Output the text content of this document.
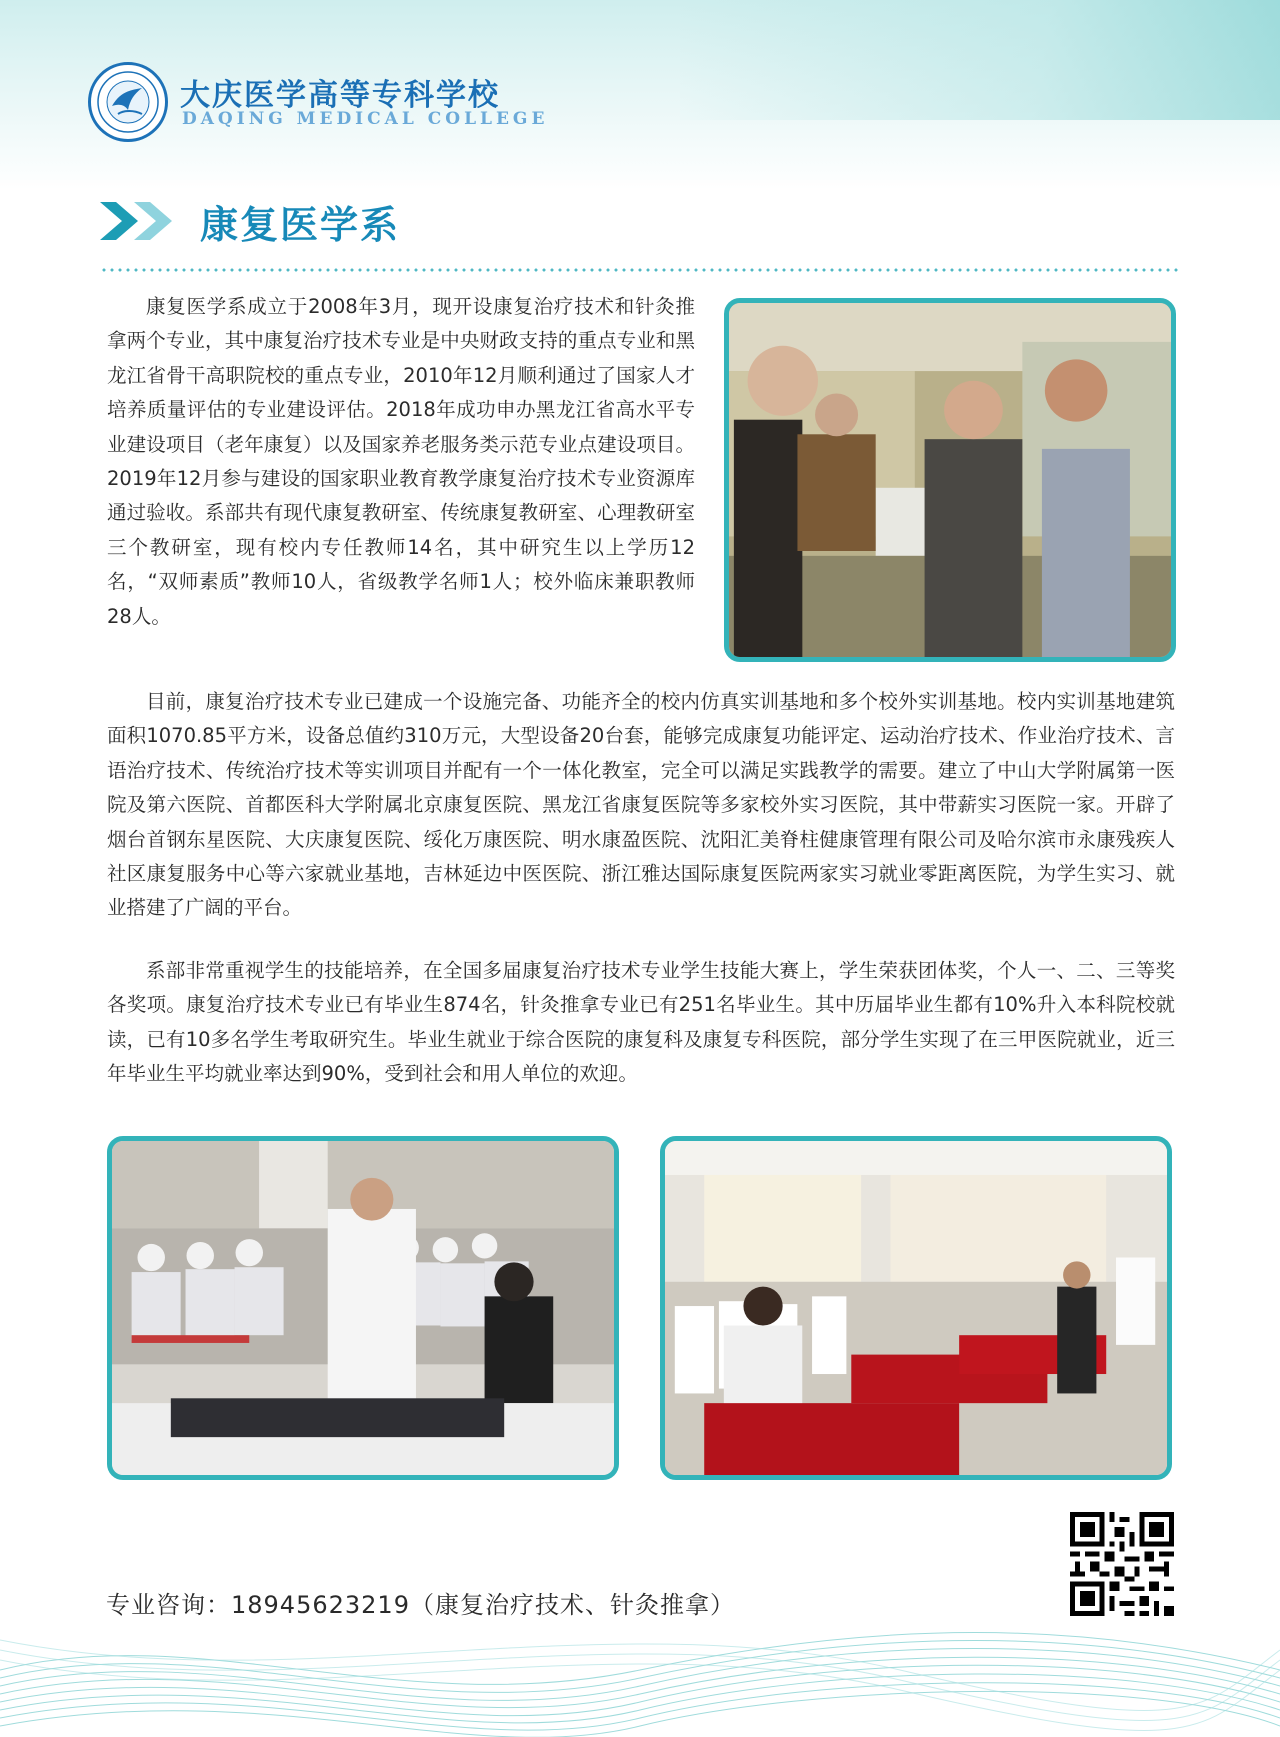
大庆医学高等专科学校
DAQING MEDICAL COLLEGE
康复医学系

康复医学系成立于2008年3月，现开设康复治疗技术和针灸推拿两个专业，其中康复治疗技术专业是中央财政支持的重点专业和黑龙江省骨干高职院校的重点专业，2010年12月顺利通过了国家人才培养质量评估的专业建设评估。2018年成功申办黑龙江省高水平专业建设项目（老年康复）以及国家养老服务类示范专业点建设项目。2019年12月参与建设的国家职业教育教学康复治疗技术专业资源库通过验收。系部共有现代康复教研室、传统康复教研室、心理教研室三个教研室，现有校内专任教师14名，其中研究生以上学历12名，“双师素质”教师10人，省级教学名师1人；校外临床兼职教师28人。

目前，康复治疗技术专业已建成一个设施完备、功能齐全的校内仿真实训基地和多个校外实训基地。校内实训基地建筑面积1070.85平方米，设备总值约310万元，大型设备20台套，能够完成康复功能评定、运动治疗技术、作业治疗技术、言语治疗技术、传统治疗技术等实训项目并配有一个一体化教室，完全可以满足实践教学的需要。建立了中山大学附属第一医院及第六医院、首都医科大学附属北京康复医院、黑龙江省康复医院等多家校外实习医院，其中带薪实习医院一家。开辟了烟台首钢东星医院、大庆康复医院、绥化万康医院、明水康盈医院、沈阳汇美脊柱健康管理有限公司及哈尔滨市永康残疾人社区康复服务中心等六家就业基地，吉林延边中医医院、浙江雅达国际康复医院两家实习就业零距离医院，为学生实习、就业搭建了广阔的平台。

系部非常重视学生的技能培养，在全国多届康复治疗技术专业学生技能大赛上，学生荣获团体奖，个人一、二、三等奖各奖项。康复治疗技术专业已有毕业生874名，针灸推拿专业已有251名毕业生。其中历届毕业生都有10%升入本科院校就读，已有10多名学生考取研究生。毕业生就业于综合医院的康复科及康复专科医院，部分学生实现了在三甲医院就业，近三年毕业生平均就业率达到90%，受到社会和用人单位的欢迎。

专业咨询：18945623219（康复治疗技术、针灸推拿）
